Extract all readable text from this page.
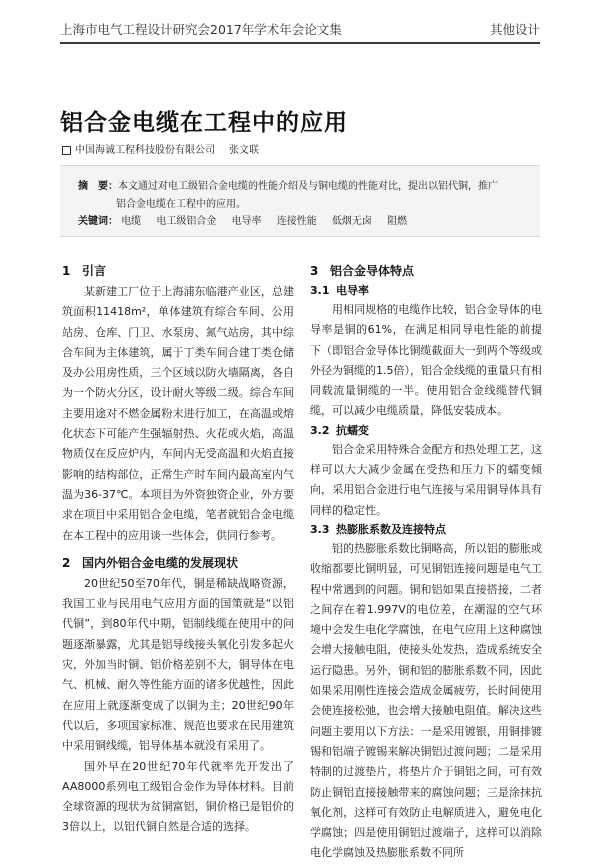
上海市电气工程设计研究会2017年学术年会论文集	其他设计
铝合金电缆在工程中的应用
中国海诚工程科技股份有限公司 张文联
摘　要：本文通过对电工级铝合金电缆的性能介绍及与铜电缆的性能对比，提出以铝代铜，推广
铝合金电缆在工程中的应用。
关键词： 电缆 电工级铝合金 电导率 连接性能 低烟无卤 阻燃
1 引言

某新建工厂位于上海浦东临港产业区，总建筑面积11418m²，单体建筑有综合车间、公用站房、仓库、门卫、水泵房、氮气站房，其中综合车间为主体建筑，属于丁类车间合建丁类仓储及办公用房性质，三个区域以防火墙隔离，各自为一个防火分区，设计耐火等级二级。综合车间主要用途对不燃金属粉末进行加工，在高温或熔化状态下可能产生强辐射热、火花或火焰，高温物质仅在反应炉内，车间内无受高温和火焰直接影响的结构部位，正常生产时车间内最高室内气温为36-37℃。本项目为外资独资企业，外方要求在项目中采用铝合金电缆，笔者就铝合金电缆在本工程中的应用谈一些体会，供同行参考。

2 国内外铝合金电缆的发展现状

20世纪50至70年代，铜是稀缺战略资源，我国工业与民用电气应用方面的国策就是“以铝代铜”，到80年代中期，铝制线缆在使用中的问题逐渐暴露，尤其是铝导线接头氧化引发多起火灾，外加当时铜、铝价格差别不大，铜导体在电气、机械、耐久等性能方面的诸多优越性，因此在应用上就逐渐变成了以铜为主；20世纪90年代以后，多项国家标准、规范也要求在民用建筑中采用铜线缆，铝导体基本就没有采用了。

国外早在20世纪70年代就率先开发出了AA8000系列电工级铝合金作为导体材料。目前全球资源的现状为贫铜富铝，铜价格已是铝价的3倍以上，以铝代铜自然是合适的选择。

3 铝合金导体特点
3.1 电导率

用相同规格的电缆作比较，铝合金导体的电导率是铜的61%，在满足相同导电性能的前提下（即铝合金导体比铜缆截面大一到两个等级或外径为铜缆的1.5倍），铝合金线缆的重量只有相同载流量铜缆的一半。使用铝合金线缆替代铜缆，可以减少电缆质量，降低安装成本。

3.2 抗蠕变

铝合金采用特殊合金配方和热处理工艺，这样可以大大减少金属在受热和压力下的蠕变倾向，采用铝合金进行电气连接与采用铜导体具有同样的稳定性。

3.3 热膨胀系数及连接特点

铝的热膨胀系数比铜略高，所以铝的膨胀或收缩都要比铜明显，可见铜铝连接问题是电气工程中常遇到的问题。铜和铝如果直接搭接，二者之间存在着1.997V的电位差，在潮湿的空气环境中会发生电化学腐蚀，在电气应用上这种腐蚀会增大接触电阻，使接头处发热，造成系统安全运行隐患。另外，铜和铝的膨胀系数不同，因此如果采用刚性连接会造成金属疲劳，长时间使用会使连接松弛，也会增大接触电阻值。解决这些问题主要用以下方法：一是采用镀银，用铜排镀锡和铝端子镀锡来解决铜铝过渡问题；二是采用特制的过渡垫片，将垫片介于铜铝之间，可有效防止铜铝直接接触带来的腐蚀问题；三是涂抹抗氧化剂，这样可有效防止电解质进入，避免电化学腐蚀；四是使用铜铝过渡端子，这样可以消除电化学腐蚀及热膨胀系数不同所
